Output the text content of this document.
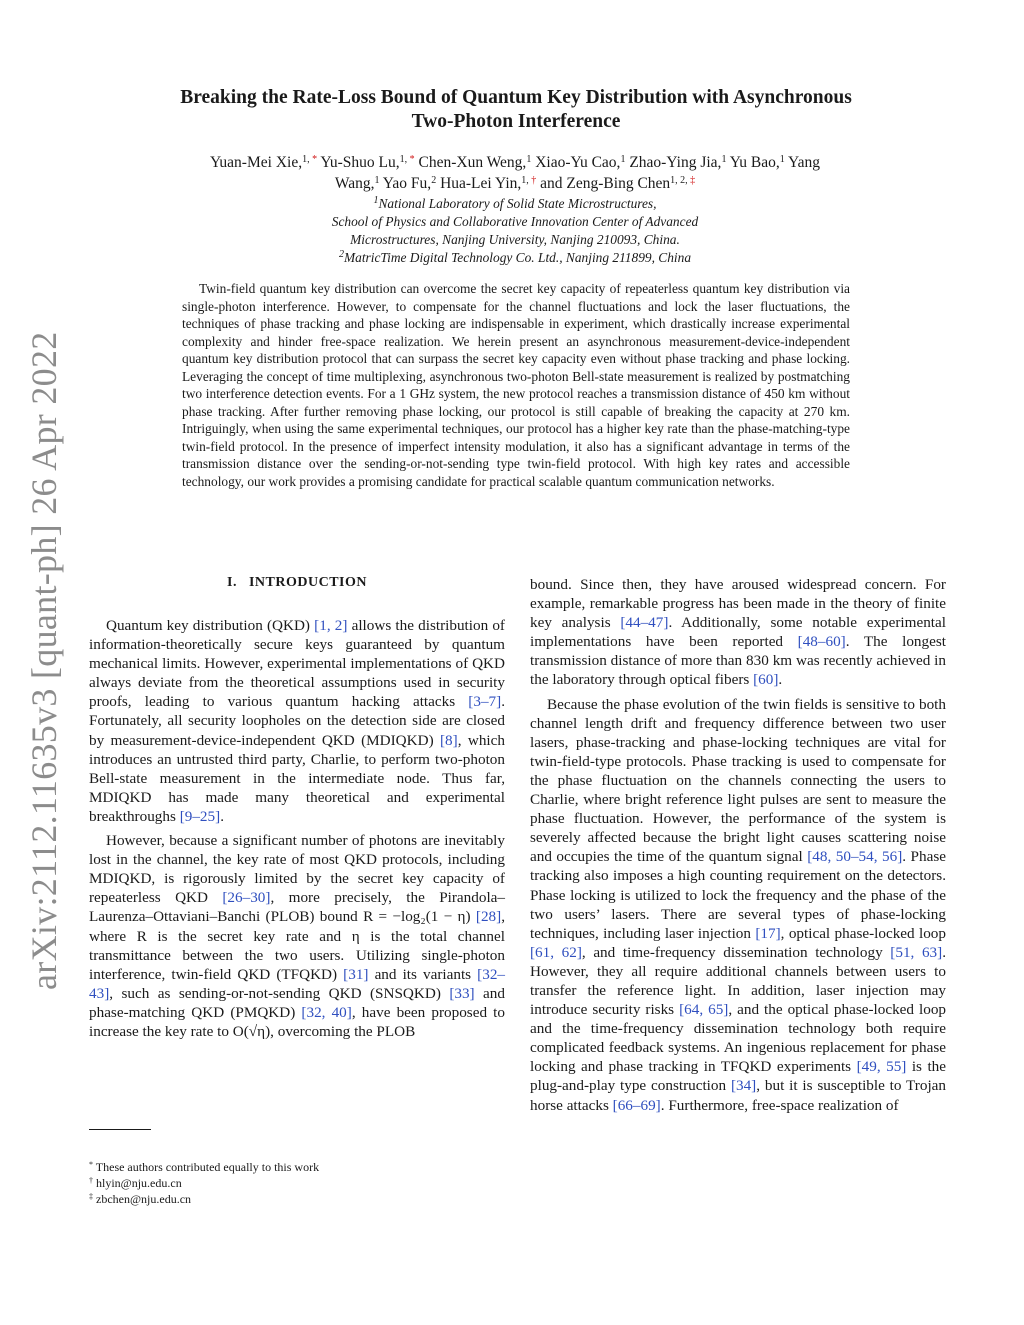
arXiv:2112.11635v3 [quant-ph] 26 Apr 2022
Breaking the Rate-Loss Bound of Quantum Key Distribution with Asynchronous
Two-Photon Interference
Yuan-Mei Xie,$^{1, *}$ Yu-Shuo Lu,$^{1, *}$ Chen-Xun Weng,$^1$ Xiao-Yu Cao,$^1$ Zhao-Ying Jia,$^1$ Yu Bao,$^1$ Yang Wang,$^1$ Yao Fu,$^2$ Hua-Lei Yin,$^{1, \dagger}$ and Zeng-Bing Chen$^{1, 2, \ddagger}$
$^1$National Laboratory of Solid State Microstructures,
School of Physics and Collaborative Innovation Center of Advanced
Microstructures, Nanjing University, Nanjing 210093, China.
$^2$MatricTime Digital Technology Co. Ltd., Nanjing 211899, China
Twin-field quantum key distribution can overcome the secret key capacity of repeaterless quantum key distribution via single-photon interference. However, to compensate for the channel fluctuations and lock the laser fluctuations, the techniques of phase tracking and phase locking are indispensable in experiment, which drastically increase experimental complexity and hinder free-space realization. We herein present an asynchronous measurement-device-independent quantum key distribution protocol that can surpass the secret key capacity even without phase tracking and phase locking. Leveraging the concept of time multiplexing, asynchronous two-photon Bell-state measurement is realized by postmatching two interference detection events. For a 1 GHz system, the new protocol reaches a transmission distance of 450 km without phase tracking. After further removing phase locking, our protocol is still capable of breaking the capacity at 270 km. Intriguingly, when using the same experimental techniques, our protocol has a higher key rate than the phase-matching-type twin-field protocol. In the presence of imperfect intensity modulation, it also has a significant advantage in terms of the transmission distance over the sending-or-not-sending type twin-field protocol. With high key rates and accessible technology, our work provides a promising candidate for practical scalable quantum communication networks.
I. INTRODUCTION

Quantum key distribution (QKD) [1, 2] allows the distribution of information-theoretically secure keys guaranteed by quantum mechanical limits. However, experimental implementations of QKD always deviate from the theoretical assumptions used in security proofs, leading to various quantum hacking attacks [3–7]. Fortunately, all security loopholes on the detection side are closed by measurement-device-independent QKD (MDIQKD) [8], which introduces an untrusted third party, Charlie, to perform two-photon Bell-state measurement in the intermediate node. Thus far, MDIQKD has made many theoretical and experimental breakthroughs [9–25].

However, because a significant number of photons are inevitably lost in the channel, the key rate of most QKD protocols, including MDIQKD, is rigorously limited by the secret key capacity of repeaterless QKD [26–30], more precisely, the Pirandola–Laurenza–Ottaviani–Banchi (PLOB) bound R = −log₂(1 − η) [28], where R is the secret key rate and η is the total channel transmittance between the two users. Utilizing single-photon interference, twin-field QKD (TFQKD) [31] and its variants [32–43], such as sending-or-not-sending QKD (SNSQKD) [33] and phase-matching QKD (PMQKD) [32, 40], have been proposed to increase the key rate to O(√η), overcoming the PLOB

bound. Since then, they have aroused widespread concern. For example, remarkable progress has been made in the theory of finite key analysis [44–47]. Additionally, some notable experimental implementations have been reported [48–60]. The longest transmission distance of more than 830 km was recently achieved in the laboratory through optical fibers [60].

Because the phase evolution of the twin fields is sensitive to both channel length drift and frequency difference between two user lasers, phase-tracking and phase-locking techniques are vital for twin-field-type protocols. Phase tracking is used to compensate for the phase fluctuation on the channels connecting the users to Charlie, where bright reference light pulses are sent to measure the phase fluctuation. However, the performance of the system is severely affected because the bright light causes scattering noise and occupies the time of the quantum signal [48, 50–54, 56]. Phase tracking also imposes a high counting requirement on the detectors. Phase locking is utilized to lock the frequency and the phase of the two users’ lasers. There are several types of phase-locking techniques, including laser injection [17], optical phase-locked loop [61, 62], and time-frequency dissemination technology [51, 63]. However, they all require additional channels between users to transfer the reference light. In addition, laser injection may introduce security risks [64, 65], and the optical phase-locked loop and the time-frequency dissemination technology both require complicated feedback systems. An ingenious replacement for phase locking and phase tracking in TFQKD experiments [49, 55] is the plug-and-play type construction [34], but it is susceptible to Trojan horse attacks [66–69]. Furthermore, free-space realization of

* These authors contributed equally to this work
† hlyin@nju.edu.cn
‡ zbchen@nju.edu.cn
